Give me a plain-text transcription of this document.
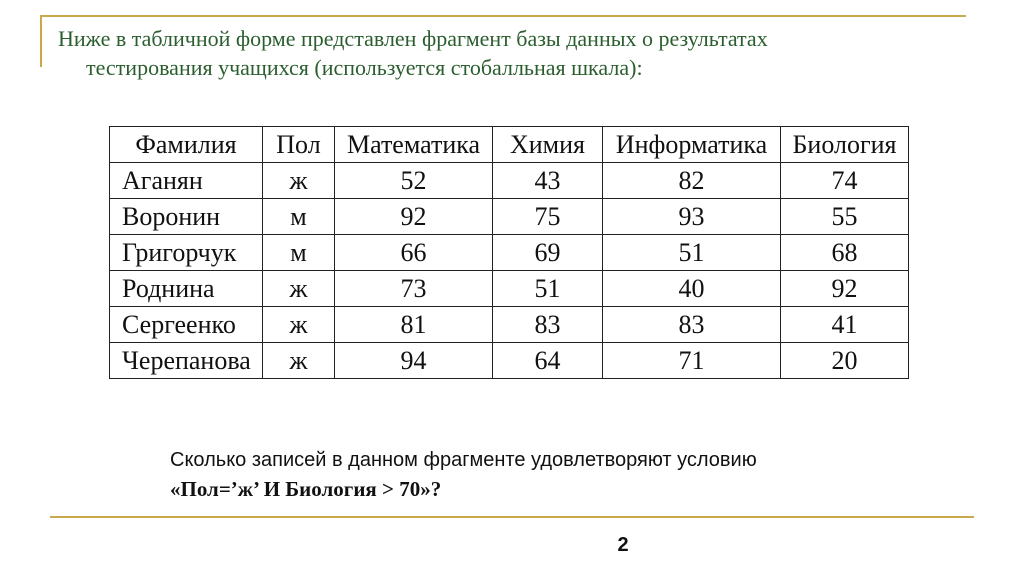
Ниже в табличной форме представлен фрагмент базы данных о результатах
тестирования учащихся (используется стобалльная шкала):
Фамилия	Пол	Математика	Химия	Информатика	Биология
Аганян	ж	52	43	82	74
Воронин	м	92	75	93	55
Григорчук	м	66	69	51	68
Роднина	ж	73	51	40	92
Сергеенко	ж	81	83	83	41
Черепанова	ж	94	64	71	20
Сколько записей в данном фрагменте удовлетворяют условию
«Пол=’ж’ И Биология > 70»?
2
